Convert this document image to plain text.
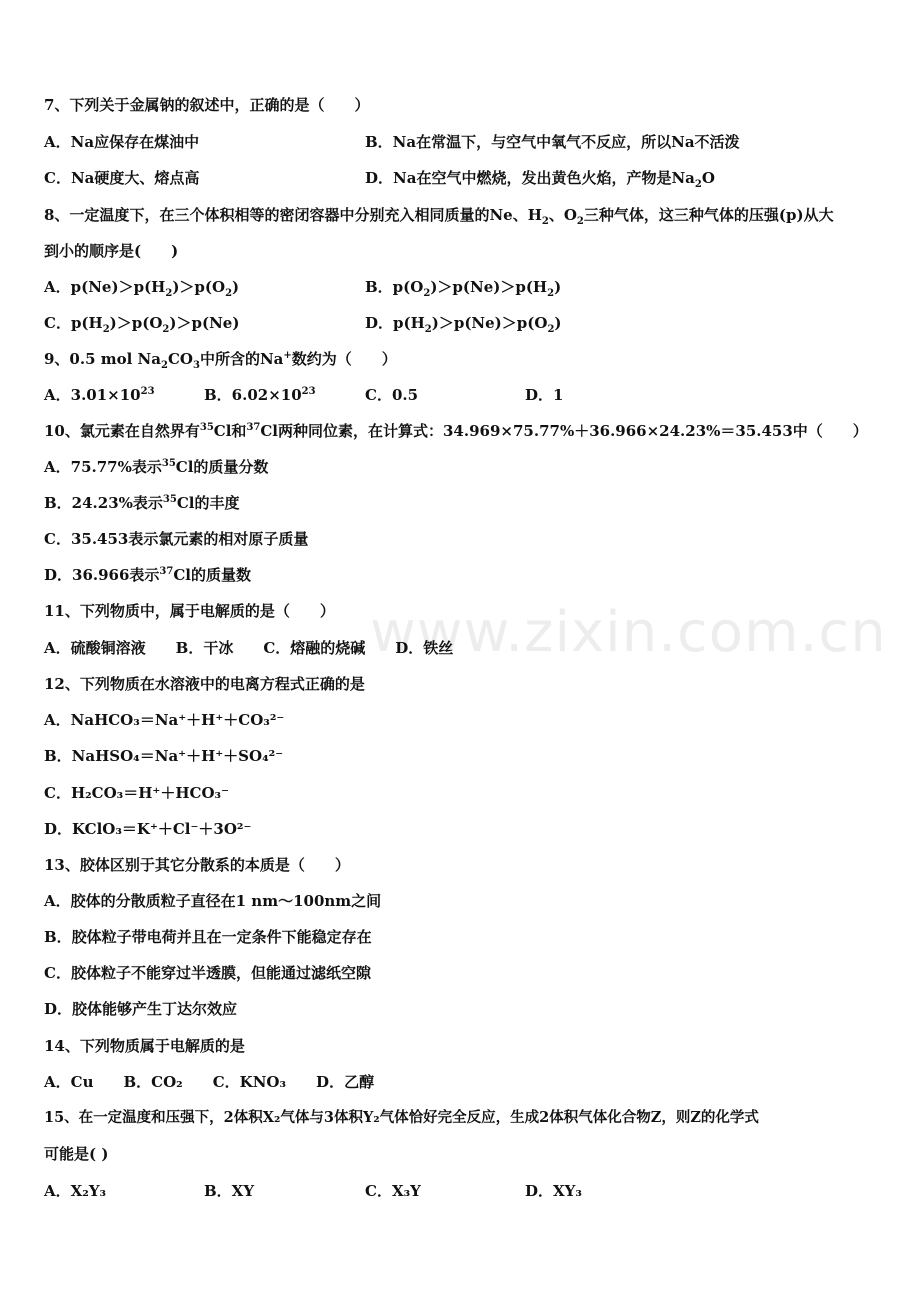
7、下列关于金属钠的叙述中，正确的是（　　）
A．Na应保存在煤油中	B．Na在常温下，与空气中氧气不反应，所以Na不活泼
C．Na硬度大、熔点高	D．Na在空气中燃烧，发出黄色火焰，产物是$Na_2O$
8、一定温度下，在三个体积相等的密闭容器中分别充入相同质量的Ne、$H_2$、$O_2$三种气体，这三种气体的压强(p)从大
到小的顺序是(　　)
A．$p(Ne)>p(H_2)>p(O_2)$	B．$p(O_2)>p(Ne)>p(H_2)$
C．$p(H_2)>p(O_2)>p(Ne)$	D．$p(H_2)>p(Ne)>p(O_2)$
9、0.5 mol $Na_2CO_3$中所含的Na+数约为（　　）
A．$3.01\times 10^{23}$	B．$6.02\times 10^{23}$	C．0.5	D．1
10、氯元素在自然界有$^{35}$Cl和$^{37}$Cl两种同位素，在计算式：34.969×75.77%＋36.966×24.23%＝35.453中（　　）
A．75.77%表示$^{35}$Cl的质量分数
B．24.23%表示$^{35}$Cl的丰度
C．35.453表示氯元素的相对原子质量
D．36.966表示$^{37}$Cl的质量数
11、下列物质中，属于电解质的是（　　）
A．硫酸铜溶液　　B．干冰　　C．熔融的烧碱　　D．铁丝
12、下列物质在水溶液中的电离方程式正确的是
A．NaHCO₃＝Na⁺＋H⁺＋CO₃²⁻
B．NaHSO₄＝Na⁺＋H⁺＋SO₄²⁻
C．H₂CO₃＝H⁺＋HCO₃⁻
D．KClO₃＝K⁺＋Cl⁻＋3O²⁻
13、胶体区别于其它分散系的本质是（　　）
A．胶体的分散质粒子直径在1 nm～100nm之间
B．胶体粒子带电荷并且在一定条件下能稳定存在
C．胶体粒子不能穿过半透膜，但能通过滤纸空隙
D．胶体能够产生丁达尔效应
14、下列物质属于电解质的是
A．Cu　　B．CO₂　　C．KNO₃　　D．乙醇
15、在一定温度和压强下，2体积X₂气体与3体积Y₂气体恰好完全反应，生成2体积气体化合物Z，则Z的化学式
可能是( )
A．X₂Y₃	B．XY	C．X₃Y	D．XY₃
www.zixin.com.cn
